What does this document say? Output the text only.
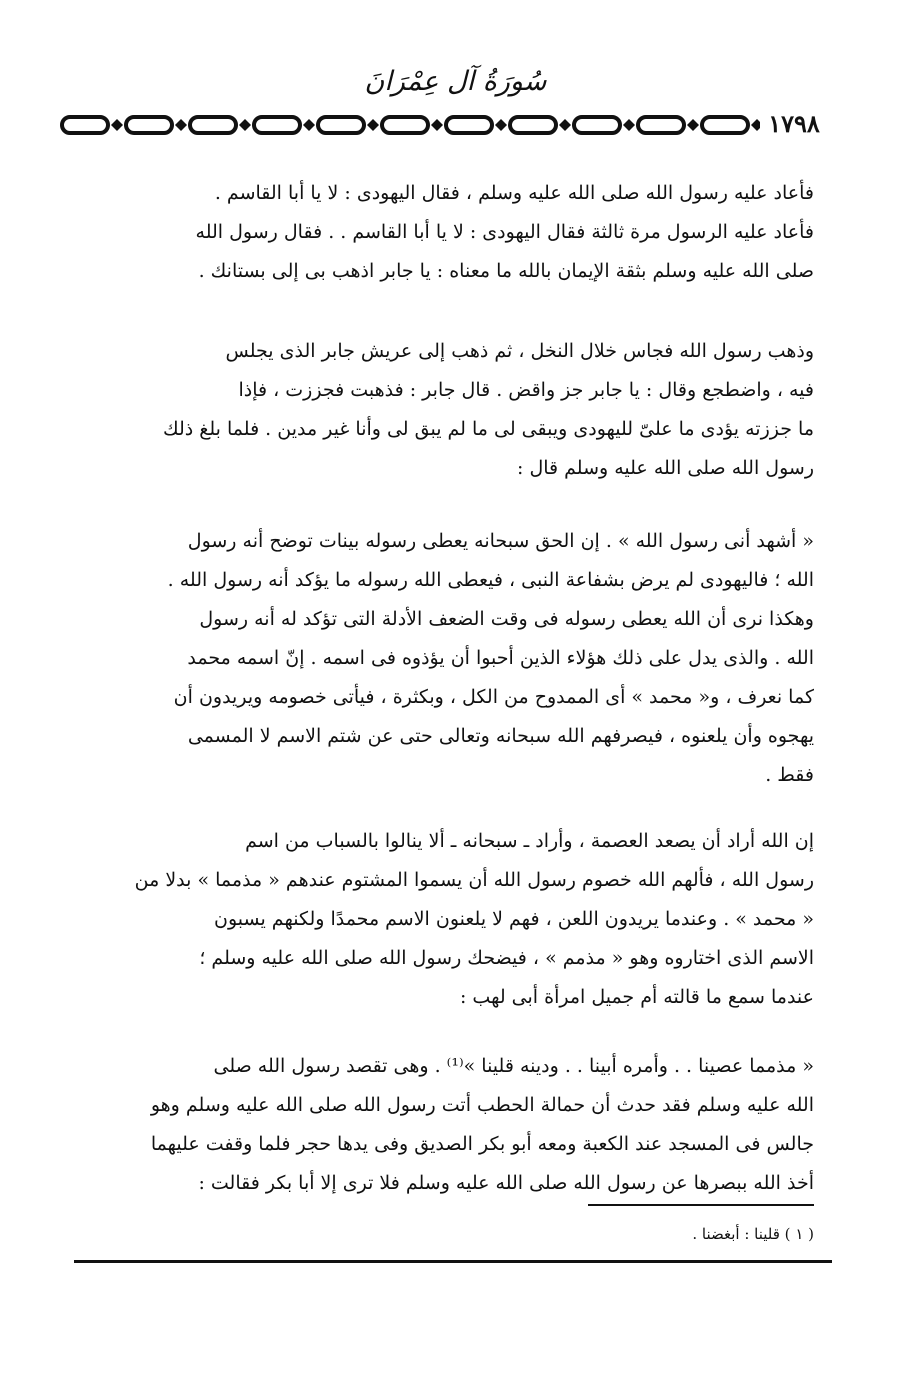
سُورَةُ آل عِمْرَانَ
١٧٩٨
فأعاد عليه رسول الله صلى الله عليه وسلم ، فقال اليهودى : لا يا أبا القاسم .
فأعاد عليه الرسول مرة ثالثة فقال اليهودى : لا يا أبا القاسم . . فقال رسول الله
صلى الله عليه وسلم بثقة الإيمان بالله ما معناه : يا جابر اذهب بى إلى بستانك .
وذهب رسول الله فجاس خلال النخل ، ثم ذهب إلى عريش جابر الذى يجلس
فيه ، واضطجع وقال : يا جابر جز واقض . قال جابر : فذهبت فجززت ، فإذا
ما جززته يؤدى ما علىّ لليهودى ويبقى لى ما لم يبق لى وأنا غير مدين . فلما بلغ ذلك
رسول الله صلى الله عليه وسلم قال :
« أشهد أنى رسول الله » . إن الحق سبحانه يعطى رسوله بينات توضح أنه رسول
الله ؛ فاليهودى لم يرض بشفاعة النبى ، فيعطى الله رسوله ما يؤكد أنه رسول الله .
وهكذا نرى أن الله يعطى رسوله فى وقت الضعف الأدلة التى تؤكد له أنه رسول
الله . والذى يدل على ذلك هؤلاء الذين أحبوا أن يؤذوه فى اسمه . إنّ اسمه محمد
كما نعرف ، و« محمد » أى الممدوح من الكل ، وبكثرة ، فيأتى خصومه ويريدون أن
يهجوه وأن يلعنوه ، فيصرفهم الله سبحانه وتعالى حتى عن شتم الاسم لا المسمى
فقط .
إن الله أراد أن يصعد العصمة ، وأراد ـ سبحانه ـ ألا ينالوا بالسباب من اسم
رسول الله ، فألهم الله خصوم رسول الله أن يسموا المشتوم عندهم « مذمما » بدلا من
« محمد » . وعندما يريدون اللعن ، فهم لا يلعنون الاسم محمدًا ولكنهم يسبون
الاسم الذى اختاروه وهو « مذمم » ، فيضحك رسول الله صلى الله عليه وسلم ؛
عندما سمع ما قالته أم جميل امرأة أبى لهب :
« مذمما عصينا . . وأمره أبينا . . ودينه قلينا »⁽¹⁾ . وهى تقصد رسول الله صلى
الله عليه وسلم فقد حدث أن حمالة الحطب أتت رسول الله صلى الله عليه وسلم وهو
جالس فى المسجد عند الكعبة ومعه أبو بكر الصديق وفى يدها حجر فلما وقفت عليهما
أخذ الله ببصرها عن رسول الله صلى الله عليه وسلم فلا ترى إلا أبا بكر فقالت :
( ١ ) قلينا : أبغضنا .
